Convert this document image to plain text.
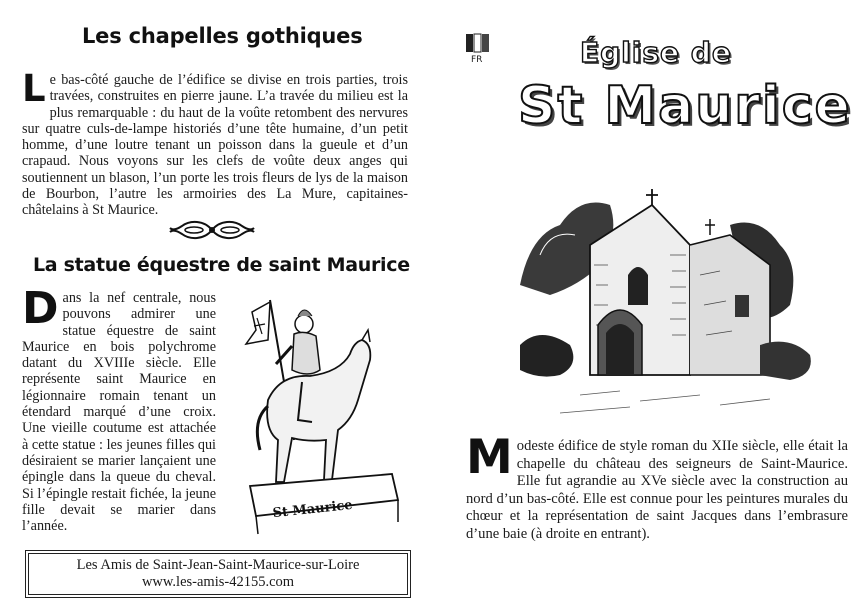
Les chapelles gothiques
L e bas-côté gauche de l’édifice se divise en trois parties, trois travées, construites en pierre jaune. L’a travée du milieu est la plus remarquable : du haut de la voûte retombent des nervures sur quatre culs-de-lampe historiés d’une tête humaine, d’un petit homme, d’une loutre tenant un poisson dans la gueule et d’un crapaud. Nous voyons sur les clefs de voûte deux anges qui soutiennent un blason, l’un porte les trois fleurs de lys de la maison de Bourbon, l’autre les armoiries des La Mure, capitaines-châtelains à St Maurice.
La statue équestre de saint Maurice
D ans la nef centrale, nous pouvons admirer une statue équestre de saint Maurice en bois polychrome datant du XVIIIe siècle. Elle représente saint Maurice en légionnaire romain tenant un étendard marqué d’une croix. Une vieille coutume est attachée à cette statue : les jeunes filles qui désiraient se marier lançaient une épingle dans la queue du cheval. Si l’épingle restait fichée, la jeune fille devait se marier dans l’année.
St Maurice
Les Amis de Saint-Jean-Saint-Maurice-sur-Loire
www.les-amis-42155.com
FR	Église de
St Maurice
M odeste édifice de style roman du XIIe siècle, elle était la chapelle du château des seigneurs de Saint-Maurice. Elle fut agrandie au XVe siècle avec la construction au nord d’un bas-côté. Elle est connue pour les peintures murales du chœur et la représentation de saint Jacques dans l’embrasure d’une baie (à droite en entrant).
